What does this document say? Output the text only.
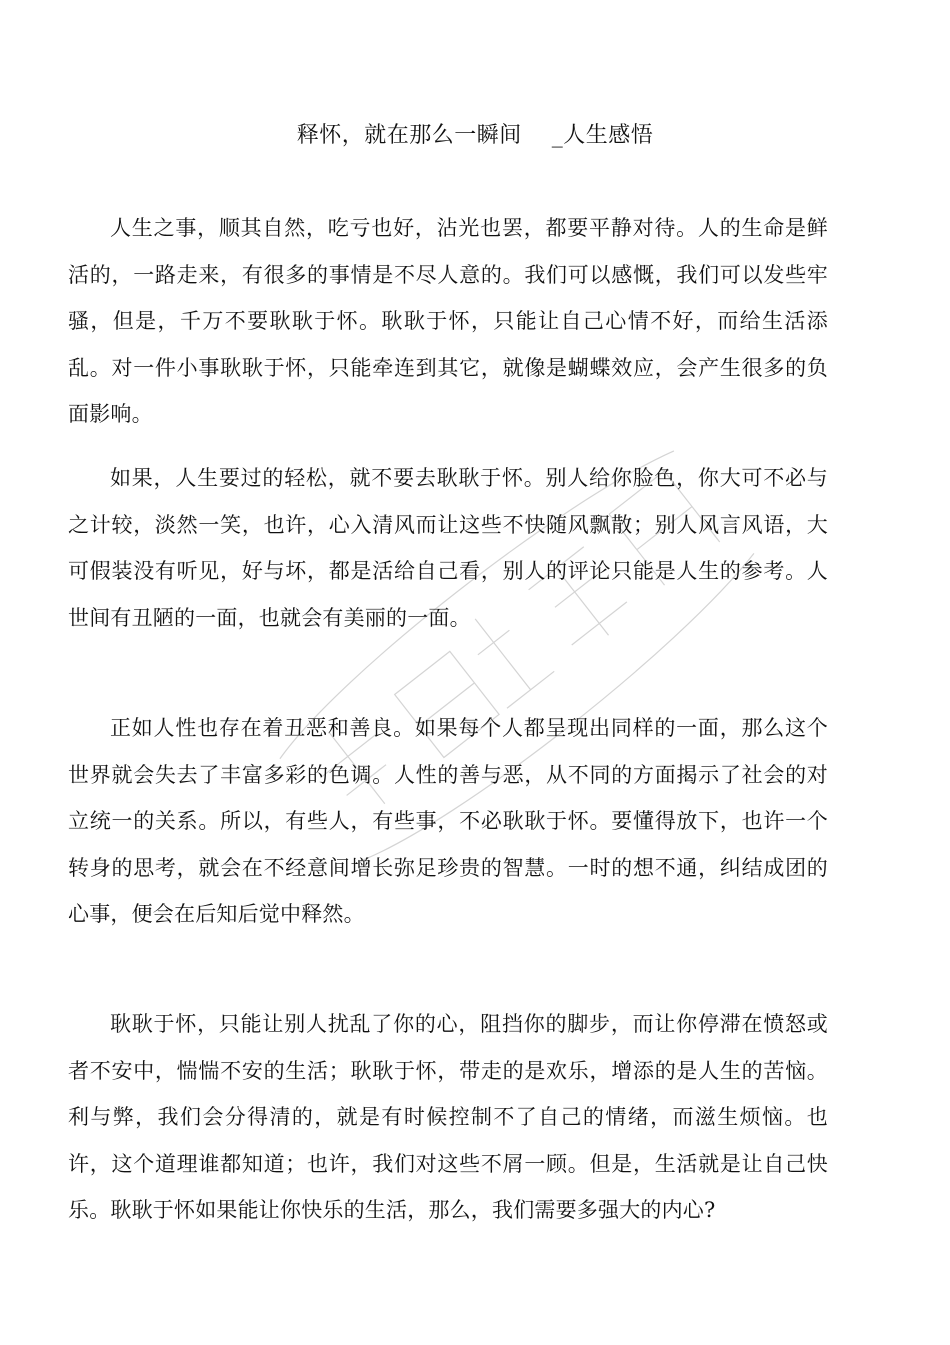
释怀，就在那么一瞬间 _人生感悟

人生之事，顺其自然，吃亏也好，沾光也罢，都要平静对待。人的生命是鲜活的，一路走来，有很多的事情是不尽人意的。我们可以感慨，我们可以发些牢骚，但是，千万不要耿耿于怀。耿耿于怀，只能让自己心情不好，而给生活添乱。对一件小事耿耿于怀，只能牵连到其它，就像是蝴蝶效应，会产生很多的负面影响。

如果，人生要过的轻松，就不要去耿耿于怀。别人给你脸色，你大可不必与之计较，淡然一笑，也许，心入清风而让这些不快随风飘散；别人风言风语，大可假装没有听见，好与坏，都是活给自己看，别人的评论只能是人生的参考。人世间有丑陋的一面，也就会有美丽的一面。

正如人性也存在着丑恶和善良。如果每个人都呈现出同样的一面，那么这个世界就会失去了丰富多彩的色调。人性的善与恶，从不同的方面揭示了社会的对立统一的关系。所以，有些人，有些事，不必耿耿于怀。要懂得放下，也许一个转身的思考，就会在不经意间增长弥足珍贵的智慧。一时的想不通，纠结成团的心事，便会在后知后觉中释然。

耿耿于怀，只能让别人扰乱了你的心，阻挡你的脚步，而让你停滞在愤怒或者不安中，惴惴不安的生活；耿耿于怀，带走的是欢乐，增添的是人生的苦恼。利与弊，我们会分得清的，就是有时候控制不了自己的情绪，而滋生烦恼。也许，这个道理谁都知道；也许，我们对这些不屑一顾。但是，生活就是让自己快乐。耿耿于怀如果能让你快乐的生活，那么，我们需要多强大的内心?
